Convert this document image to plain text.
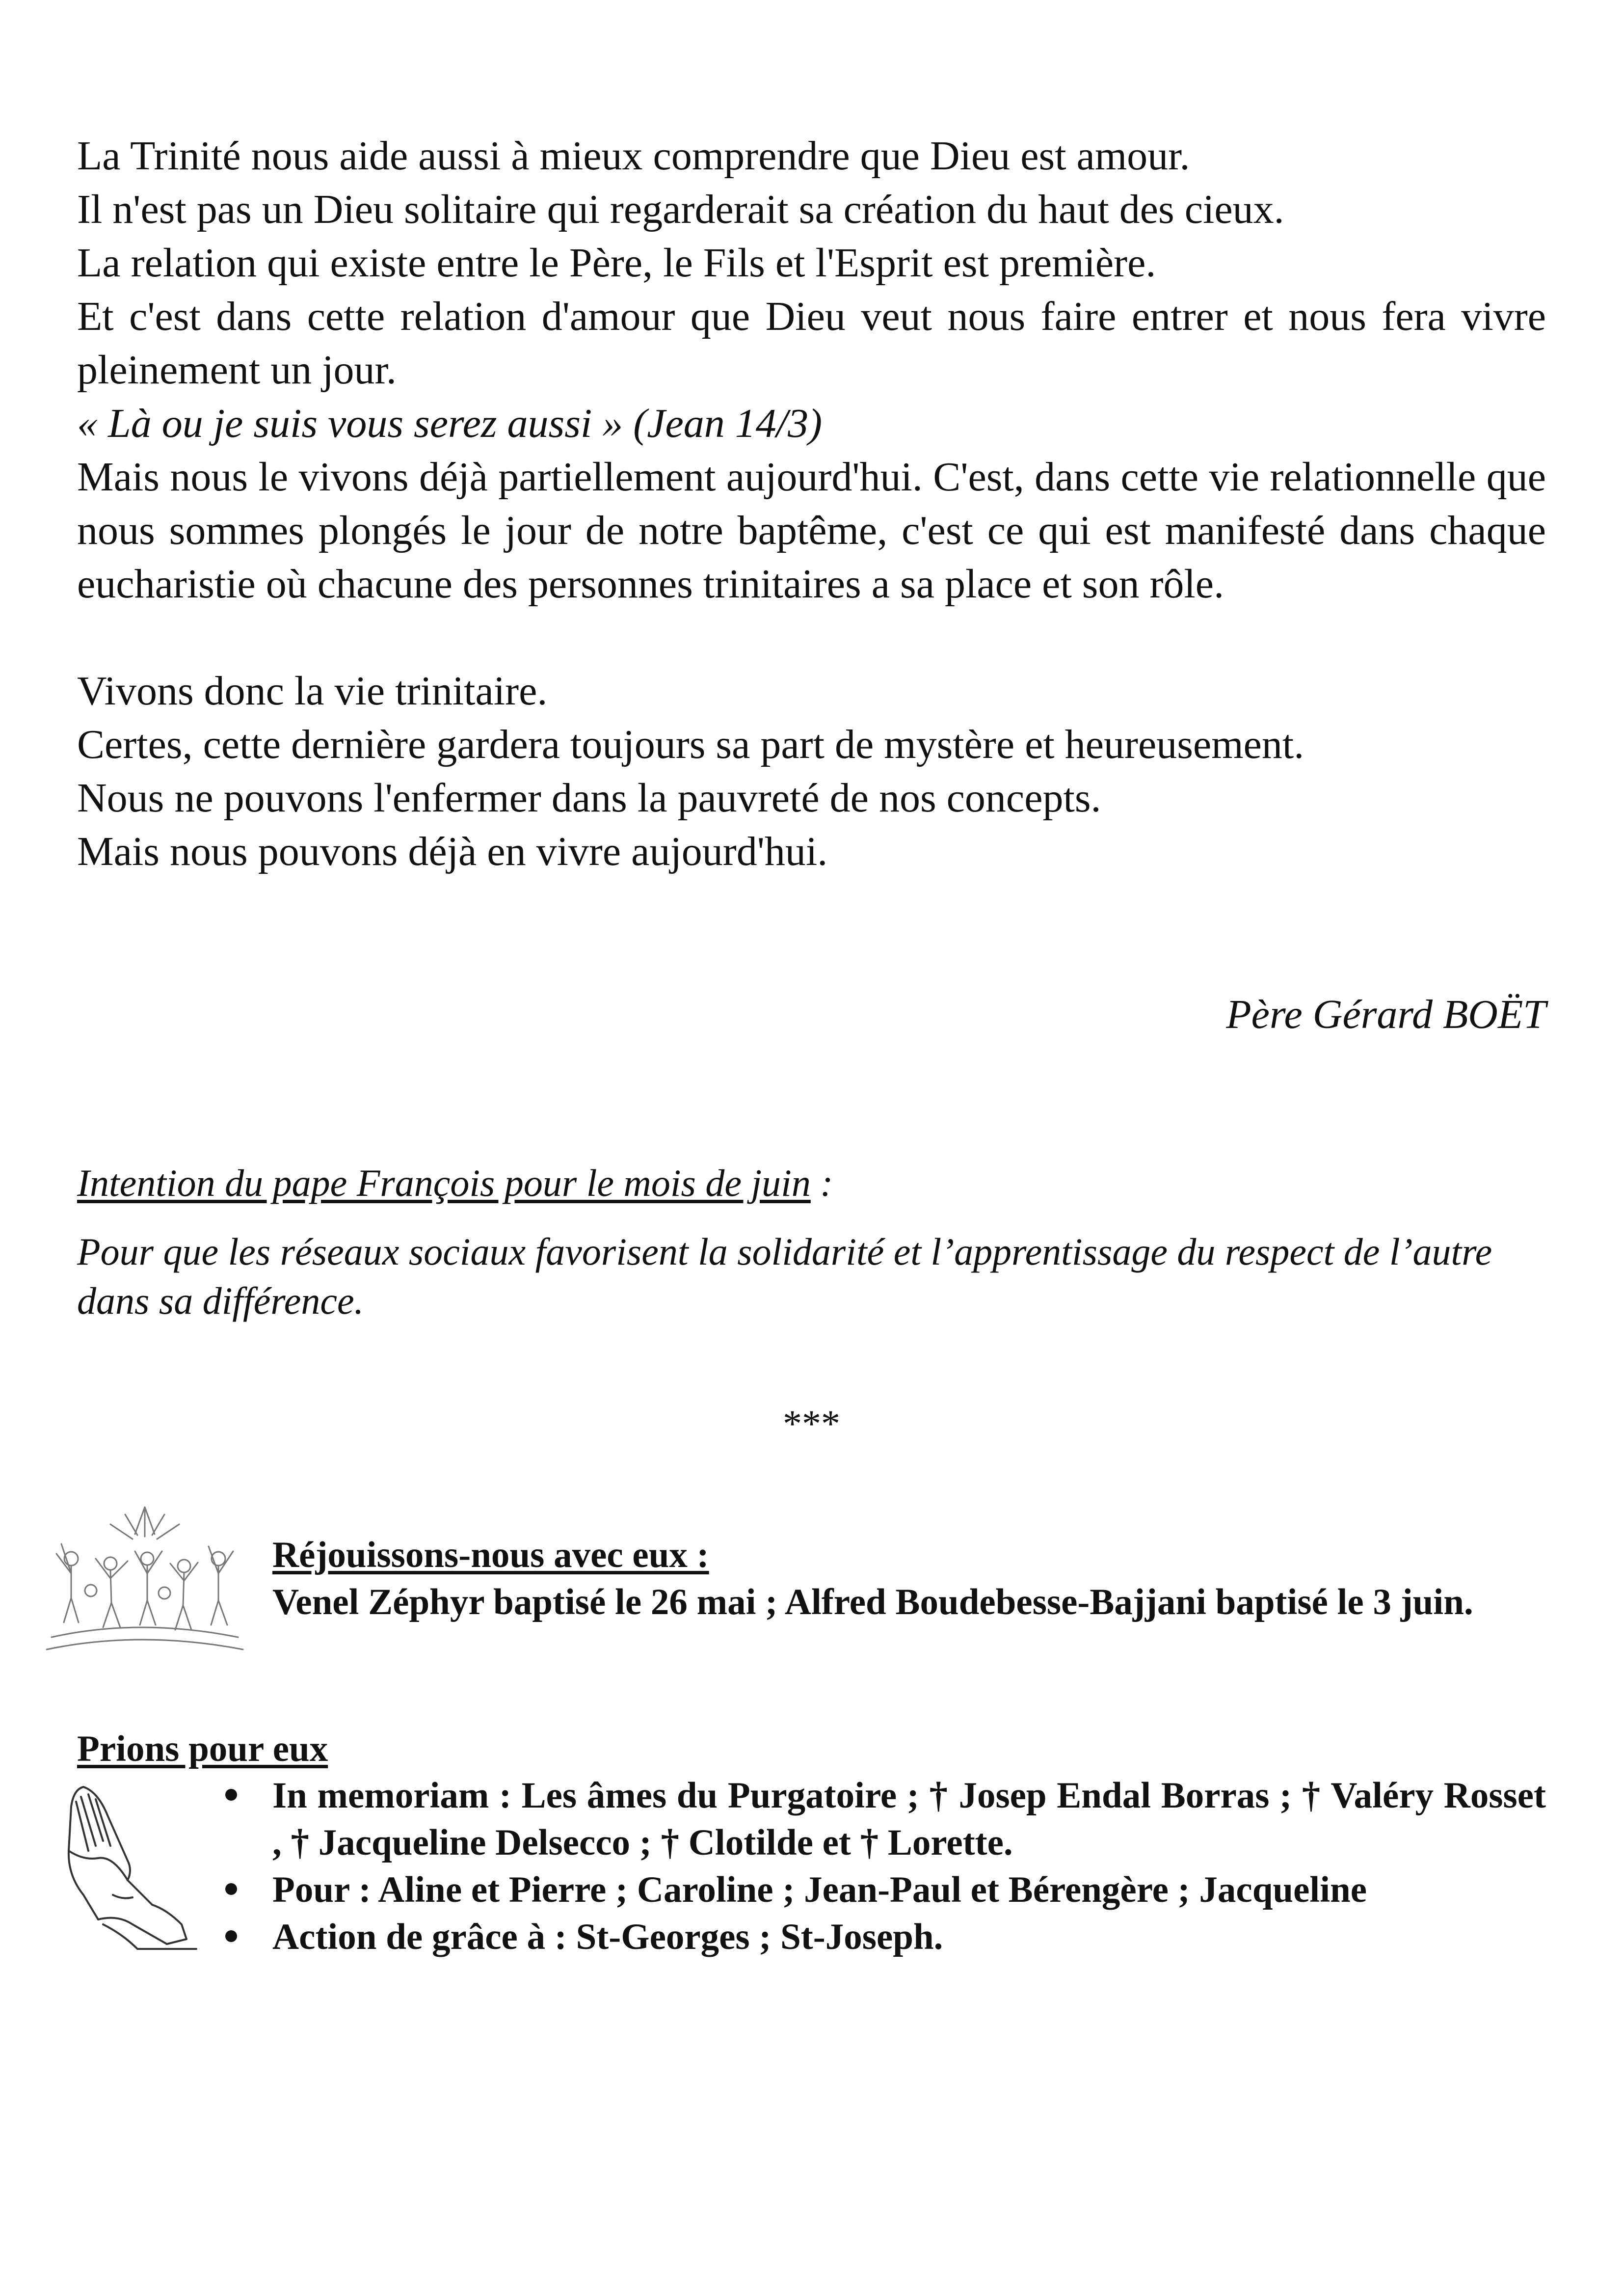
La Trinité nous aide aussi à mieux comprendre que Dieu est amour.

Il n'est pas un Dieu solitaire qui regarderait sa création du haut des cieux.

La relation qui existe entre le Père, le Fils et l'Esprit est première.

Et c'est dans cette relation d'amour que Dieu veut nous faire entrer et nous fera vivre pleinement un jour.

« Là ou je suis vous serez aussi » (Jean 14/3)

Mais nous le vivons déjà partiellement aujourd'hui. C'est, dans cette vie relationnelle que nous sommes plongés le jour de notre baptême, c'est ce qui est manifesté dans chaque eucharistie où chacune des personnes trinitaires a sa place et son rôle.

Vivons donc la vie trinitaire.

Certes, cette dernière gardera toujours sa part de mystère et heureusement.

Nous ne pouvons l'enfermer dans la pauvreté de nos concepts.

Mais nous pouvons déjà en vivre aujourd'hui.

Père Gérard BOËT
Intention du pape François pour le mois de juin :
Pour que les réseaux sociaux favorisent la solidarité et l’apprentissage du respect de l’autre dans sa différence.
***
Réjouissons-nous avec eux :
Venel Zéphyr baptisé le 26 mai ; Alfred Boudebesse-Bajjani baptisé le 3 juin.
Prions pour eux
In memoriam : Les âmes du Purgatoire ; † Josep Endal Borras ; † Valéry Rosset , † Jacqueline Delsecco ; † Clotilde et † Lorette.
Pour : Aline et Pierre ; Caroline ; Jean-Paul et Bérengère ; Jacqueline
Action de grâce à : St-Georges ; St-Joseph.
